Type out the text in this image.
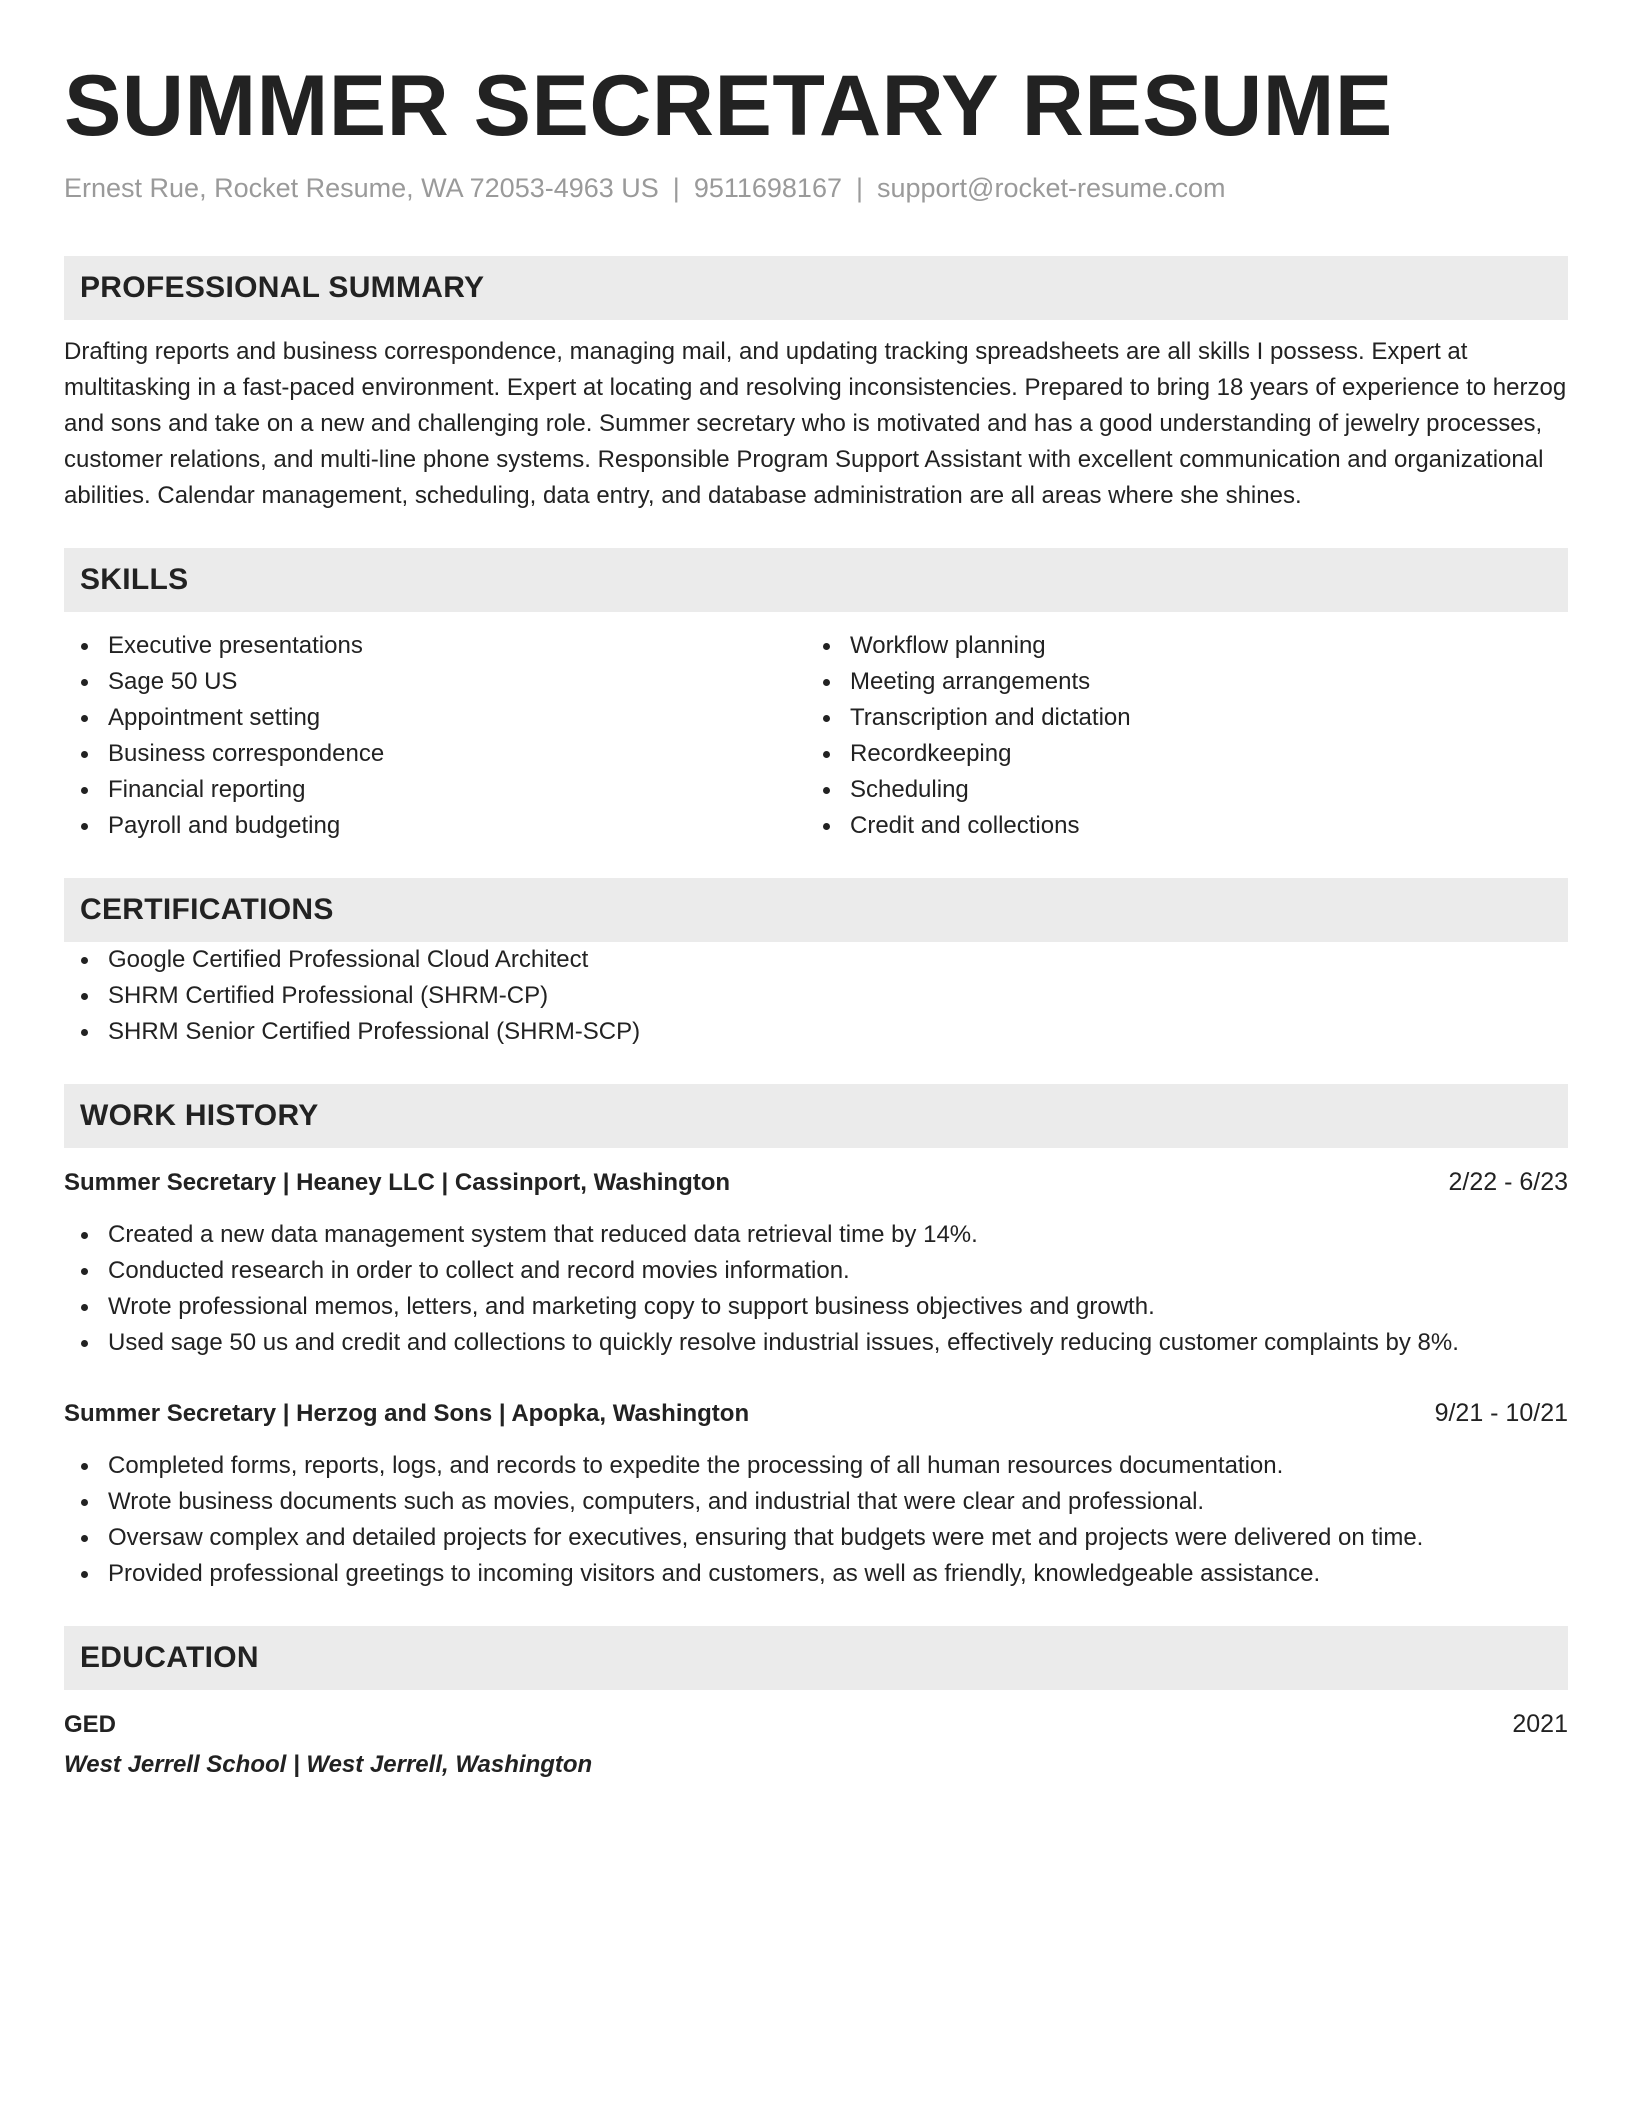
SUMMER SECRETARY RESUME
Ernest Rue, Rocket Resume, WA 72053-4963 US | 9511698167 | support@rocket-resume.com
PROFESSIONAL SUMMARY

Drafting reports and business correspondence, managing mail, and updating tracking spreadsheets are all skills I possess. Expert at multitasking in a fast-paced environment. Expert at locating and resolving inconsistencies. Prepared to bring 18 years of experience to herzog and sons and take on a new and challenging role. Summer secretary who is motivated and has a good understanding of jewelry processes, customer relations, and multi-line phone systems. Responsible Program Support Assistant with excellent communication and organizational abilities. Calendar management, scheduling, data entry, and database administration are all areas where she shines.

SKILLS
Executive presentations
Sage 50 US
Appointment setting
Business correspondence
Financial reporting
Payroll and budgeting
Workflow planning
Meeting arrangements
Transcription and dictation
Recordkeeping
Scheduling
Credit and collections
CERTIFICATIONS
Google Certified Professional Cloud Architect
SHRM Certified Professional (SHRM-CP)
SHRM Senior Certified Professional (SHRM-SCP)
WORK HISTORY
Summer Secretary | Heaney LLC | Cassinport, Washington	2/22 - 6/23
Created a new data management system that reduced data retrieval time by 14%.
Conducted research in order to collect and record movies information.
Wrote professional memos, letters, and marketing copy to support business objectives and growth.
Used sage 50 us and credit and collections to quickly resolve industrial issues, effectively reducing customer complaints by 8%.
Summer Secretary | Herzog and Sons | Apopka, Washington	9/21 - 10/21
Completed forms, reports, logs, and records to expedite the processing of all human resources documentation.
Wrote business documents such as movies, computers, and industrial that were clear and professional.
Oversaw complex and detailed projects for executives, ensuring that budgets were met and projects were delivered on time.
Provided professional greetings to incoming visitors and customers, as well as friendly, knowledgeable assistance.
EDUCATION
GED	2021
West Jerrell School | West Jerrell, Washington
